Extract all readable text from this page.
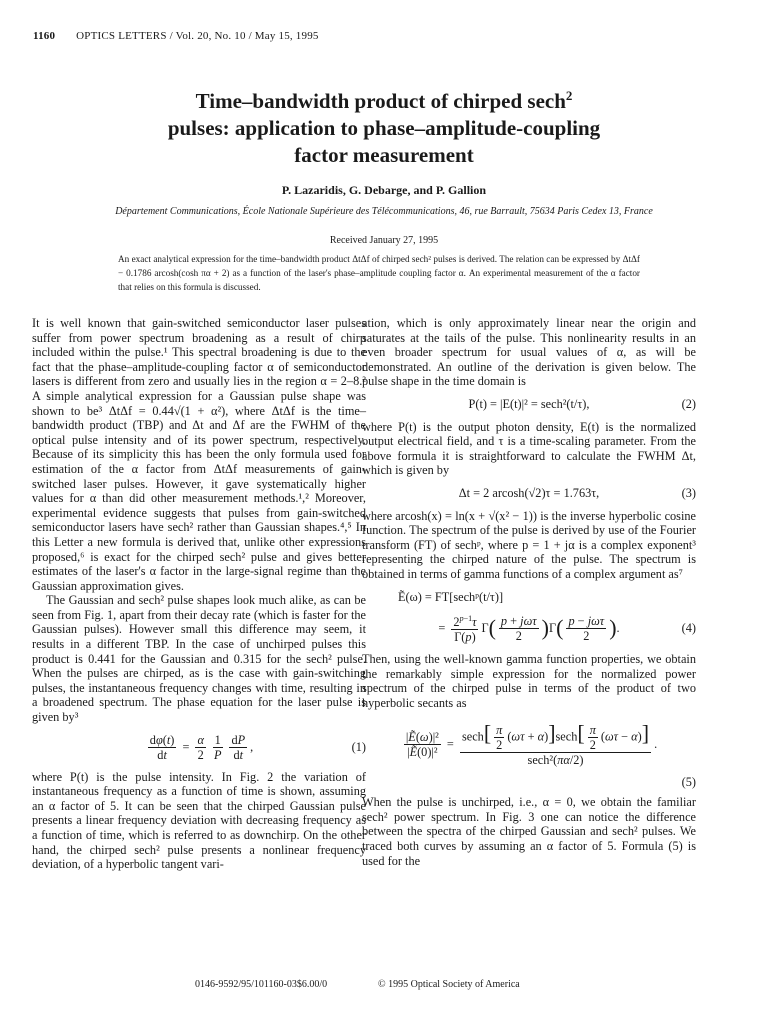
1160 OPTICS LETTERS / Vol. 20, No. 10 / May 15, 1995
Time–bandwidth product of chirped sech$^2$
pulses: application to phase–amplitude-coupling
factor measurement
P. Lazaridis, G. Debarge, and P. Gallion
Département Communications, École Nationale Supérieure des Télécommunications, 46, rue Barrault, 75634 Paris Cedex 13, France
Received January 27, 1995
An exact analytical expression for the time–bandwidth product ΔtΔf of chirped sech² pulses is derived. The relation can be expressed by ΔtΔf − 0.1786 arcosh(cosh πα + 2) as a function of the laser's phase–amplitude coupling factor α. An experimental measurement of the α factor that relies on this formula is discussed.

It is well known that gain-switched semiconductor laser pulses suffer from power spectrum broadening as a result of chirp included within the pulse.¹ This spectral broadening is due to the fact that the phase–amplitude-coupling factor α of semiconductor lasers is different from zero and usually lies in the region α = 2–8.² A simple analytical expression for a Gaussian pulse shape was shown to be³ ΔtΔf = 0.44√(1 + α²), where ΔtΔf is the time–bandwidth product (TBP) and Δt and Δf are the FWHM of the optical pulse intensity and of its power spectrum, respectively. Because of its simplicity this has been the only formula used for estimation of the α factor from ΔtΔf measurements of gain-switched laser pulses. However, it gave systematically higher values for α than did other measurement methods.¹,² Moreover, experimental evidence suggests that pulses from gain-switched semiconductor lasers have sech² rather than Gaussian shapes.⁴,⁵ In this Letter a new formula is derived that, unlike other expressions proposed,⁶ is exact for the chirped sech² pulse and gives better estimates of the laser's α factor in the large-signal regime than the Gaussian approximation gives.

The Gaussian and sech² pulse shapes look much alike, as can be seen from Fig. 1, apart from their decay rate (which is faster for the Gaussian pulses). However small this difference may seem, it results in a different TBP. In the case of unchirped pulses this product is 0.441 for the Gaussian and 0.315 for the sech² pulse. When the pulses are chirped, as is the case with gain-switching pulses, the instantaneous frequency changes with time, resulting in a broadened spectrum. The phase equation for the laser pulse is given by³

$\frac{d\varphi(t)}{dt} = \frac{\alpha}{2} \frac{1}{P} \frac{dP}{dt}$ ,	(1)

where P(t) is the pulse intensity. In Fig. 2 the variation of instantaneous frequency as a function of time is shown, assuming an α factor of 5. It can be seen that the chirped Gaussian pulse presents a linear frequency deviation with decreasing frequency as a function of time, which is referred to as downchirp. On the other hand, the chirped sech² pulse presents a nonlinear frequency deviation, of a hyperbolic tangent vari-

ation, which is only approximately linear near the origin and saturates at the tails of the pulse. This nonlinearity results in an even broader spectrum for usual values of α, as will be demonstrated. An outline of the derivation is given below. The pulse shape in the time domain is

P(t) = |E(t)|² = sech²(t/τ),	(2)

where P(t) is the output photon density, E(t) is the normalized output electrical field, and τ is a time-scaling parameter. From the above formula it is straightforward to calculate the FWHM Δt, which is given by

Δt = 2 arcosh(√2)τ = 1.763τ,	(3)

where arcosh(x) = ln(x + √(x² − 1)) is the inverse hyperbolic cosine function. The spectrum of the pulse is derived by use of the Fourier transform (FT) of sechᵖ, where p = 1 + jα is a complex exponent³ representing the chirped nature of the pulse. The spectrum is obtained in terms of gamma functions of a complex argument as⁷

Ẽ(ω) = FT[sechᵖ(t/τ)]
= $\frac{2^{p-1}\tau}{\Gamma(p)}$ Γ ( $\frac{\text{p + jωτ}}{2}$ ) Γ ( $\frac{\text{p − jωτ}}{2}$ ) .	(4)

Then, using the well-known gamma function properties, we obtain the remarkably simple expression for the normalized power spectrum of the chirped pulse in terms of the product of two hyperbolic secants as

$\frac{\text{|Ẽ(ω)|²}}{\text{|Ẽ(0)|²}} = \frac{\sec h[ \frac{\pi}{2} (\omega\tau + \alpha)]\sec h[ \frac{\pi}{2} (\omega\tau - \alpha)]}{\text{sech²(πα/2)}}$ .
(5)

When the pulse is unchirped, i.e., α = 0, we obtain the familiar sech² power spectrum. In Fig. 3 one can notice the difference between the spectra of the chirped Gaussian and sech² pulses. We traced both curves by assuming an α factor of 5. Formula (5) is used for the

0146-9592/95/101160-03$6.00/0	© 1995 Optical Society of America
